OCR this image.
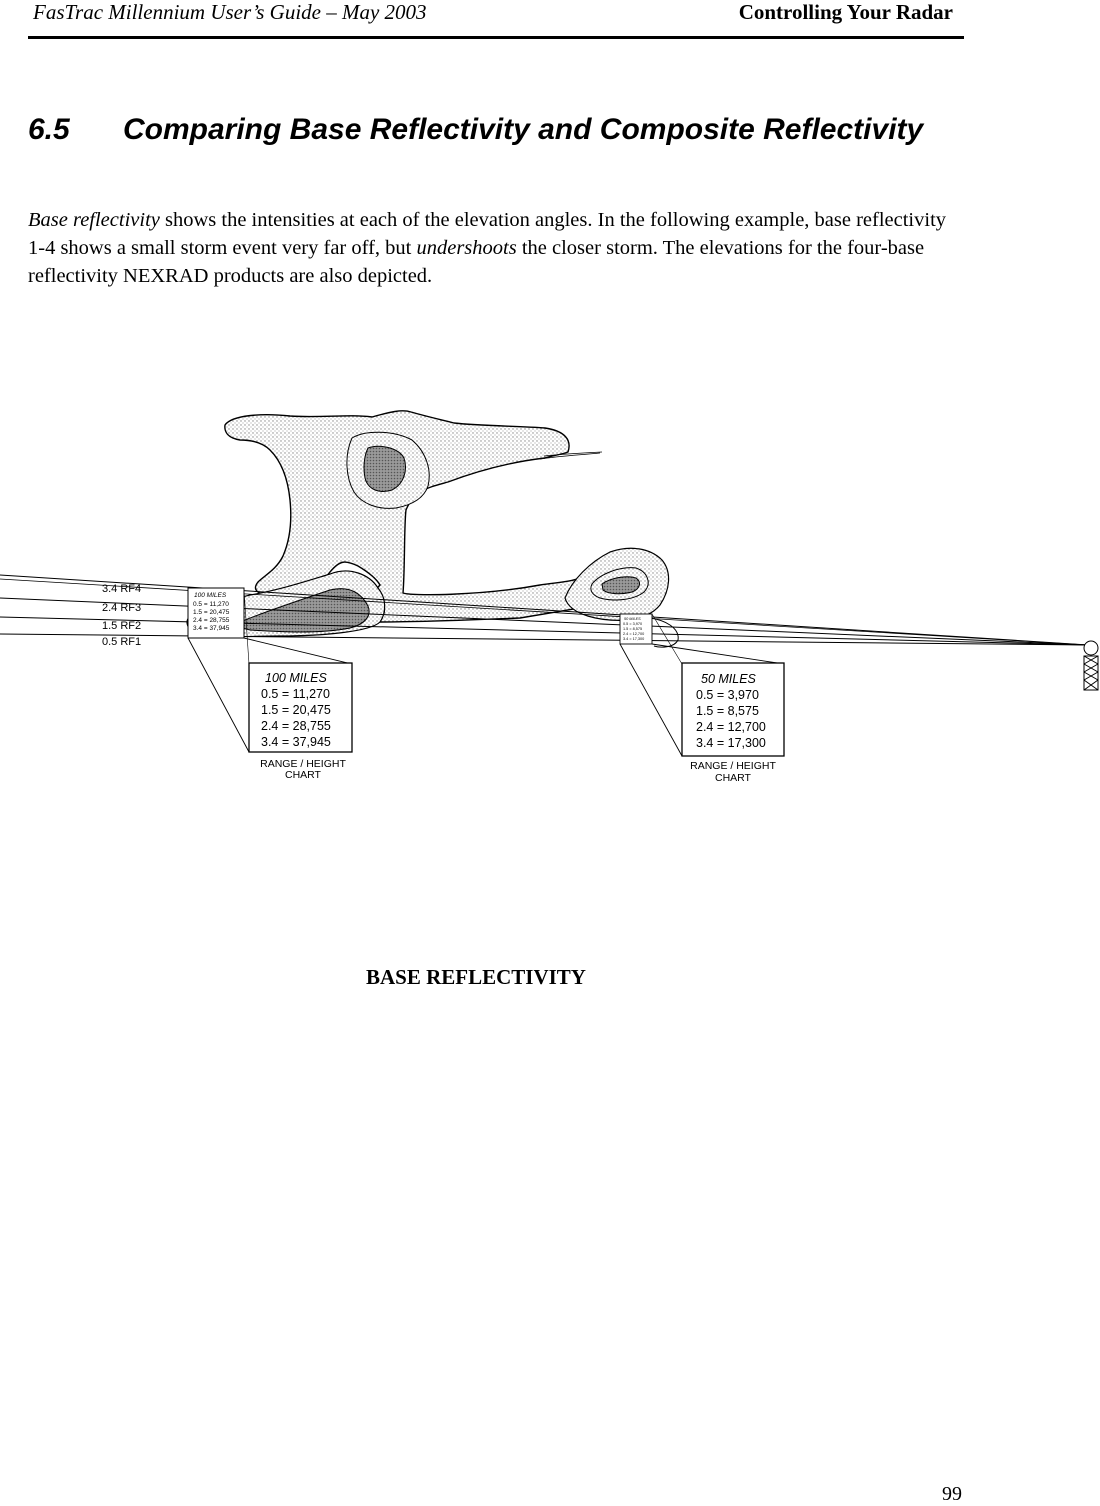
FasTrac Millennium User’s Guide – May 2003	Controlling Your Radar
6.5 Comparing Base Reflectivity and Composite Reflectivity
Base reflectivity shows the intensities at each of the elevation angles. In the following example, base reflectivity 1-4 shows a small storm event very far off, but undershoots the closer storm. The elevations for the four-base reflectivity NEXRAD products are also depicted.
3.4 RF4
2.4 RF3
1.5 RF2
0.5 RF1
100 MILES
0.5 = 11,270
1.5 = 20,475
2.4 = 28,755
3.4 = 37,945
100 MILES
0.5 = 11,270
1.5 = 20,475
2.4 = 28,755
3.4 = 37,945
RANGE / HEIGHT
CHART
50 MILES
0.5 = 3,970
1.5 = 8,575
2.4 = 12,700
3.4 = 17,300
50 MILES
0.5 = 3,970
1.5 = 8,575
2.4 = 12,700
3.4 = 17,300
RANGE / HEIGHT
CHART
BASE REFLECTIVITY
99
